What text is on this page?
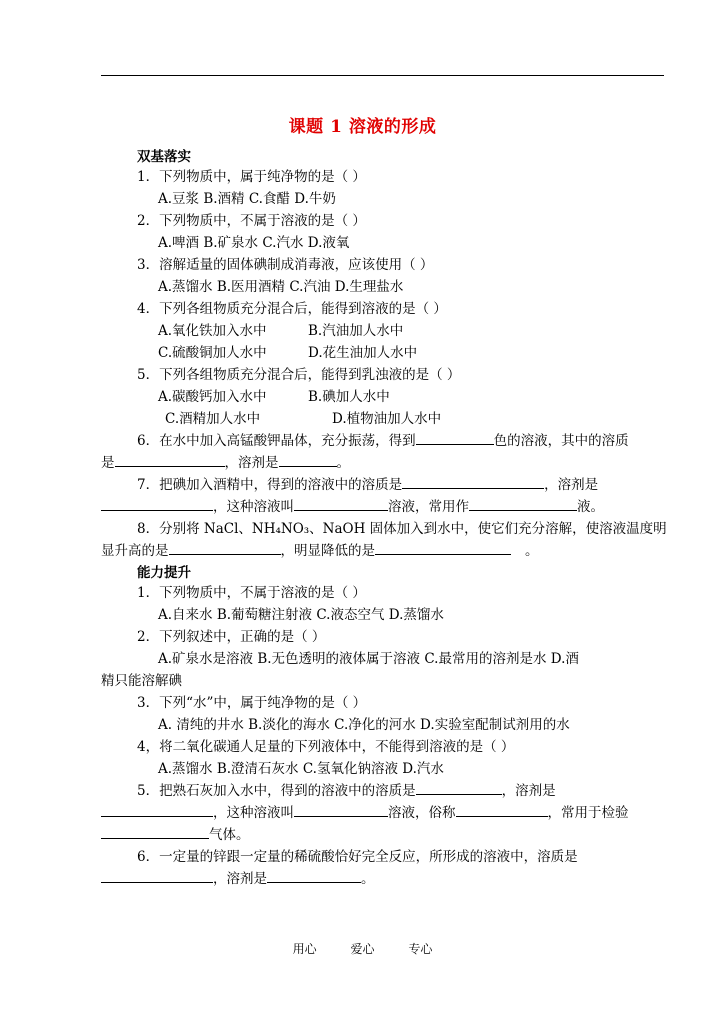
课题 1 溶液的形成
双基落实
1．下列物质中，属于纯净物的是（ ）
A.豆浆 B.酒精 C.食醋 D.牛奶
2．下列物质中，不属于溶液的是（ ）
A.啤酒 B.矿泉水 C.汽水 D.液氧
3．溶解适量的固体碘制成消毒液，应该使用（ ）
A.蒸馏水 B.医用酒精 C.汽油 D.生理盐水
4．下列各组物质充分混合后，能得到溶液的是（ ）
A.氧化铁加入水中	B.汽油加人水中
C.硫酸铜加人水中	D.花生油加人水中
5．下列各组物质充分混合后，能得到乳浊液的是（ ）
A.碳酸钙加入水中	B.碘加人水中
C.酒精加人水中	D.植物油加人水中
6．在水中加入高锰酸钾晶体，充分振荡，得到	色的溶液，其中的溶质
是	，溶剂是	。
7．把碘加入酒精中，得到的溶液中的溶质是	，溶剂是
，这种溶液叫	溶液，常用作	液。
8．分别将 NaCl、NH₄NO₃、NaOH 固体加入到水中，使它们充分溶解，使溶液温度明
显升高的是	，明显降低的是	。
能力提升
1．下列物质中，不属于溶液的是（ ）
A.自来水 B.葡萄糖注射液 C.液态空气 D.蒸馏水
2．下列叙述中，正确的是（ ）
A.矿泉水是溶液 B.无色透明的液体属于溶液 C.最常用的溶剂是水 D.酒
精只能溶解碘
3．下列“水”中，属于纯净物的是（ ）
A. 清纯的井水 B.淡化的海水 C.净化的河水 D.实验室配制试剂用的水
4，将二氧化碳通人足量的下列液体中，不能得到溶液的是（ ）
A.蒸馏水 B.澄清石灰水 C.氢氧化钠溶液 D.汽水
5．把熟石灰加入水中，得到的溶液中的溶质是	，溶剂是
，这种溶液叫	溶液，俗称	，常用于检验
气体。
6．一定量的锌跟一定量的稀硫酸恰好完全反应，所形成的溶液中，溶质是
，溶剂是	。
用心	爱心	专心
